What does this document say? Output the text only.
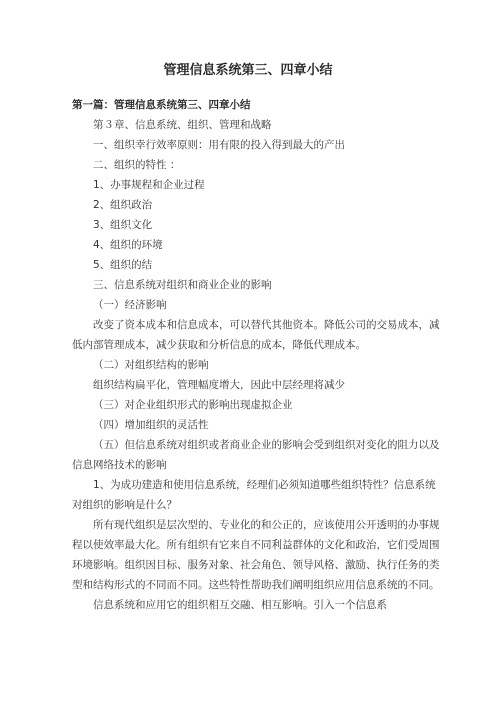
管理信息系统第三、四章小结

第一篇：管理信息系统第三、四章小结

第３章、信息系统、组织、管理和战略

一、组织幸行效率原则：用有限的投入得到最大的产出

二、组织的特性 ：

1、办事规程和企业过程

2、组织政治

3、组织文化

4、组织的环境

5、组织的结

三、信息系统对组织和商业企业的影响

（一）经济影响

改变了资本成本和信息成本，可以替代其他资本。降低公司的交易成本，减低内部管理成本，减少获取和分析信息的成本，降低代理成本。

（二）对组织结构的影响

组织结构扁平化，管理幅度增大，因此中层经理将减少

（三）对企业组织形式的影响出现虚拟企业

（四）增加组织的灵活性

（五）但信息系统对组织或者商业企业的影响会受到组织对变化的阻力以及信息网络技术的影响

1、为成功建造和使用信息系统，经理们必须知道哪些组织特性？信息系统对组织的影响是什么？

所有现代组织是层次型的、专业化的和公正的，应该使用公开透明的办事规程以使效率最大化。所有组织有它来自不同利益群体的文化和政治，它们受周围环境影响。组织因目标、服务对象、社会角色、领导风格、激励、执行任务的类型和结构形式的不同而不同。这些特性帮助我们阐明组织应用信息系统的不同。

信息系统和应用它的组织相互交融、相互影响。引入一个信息系
